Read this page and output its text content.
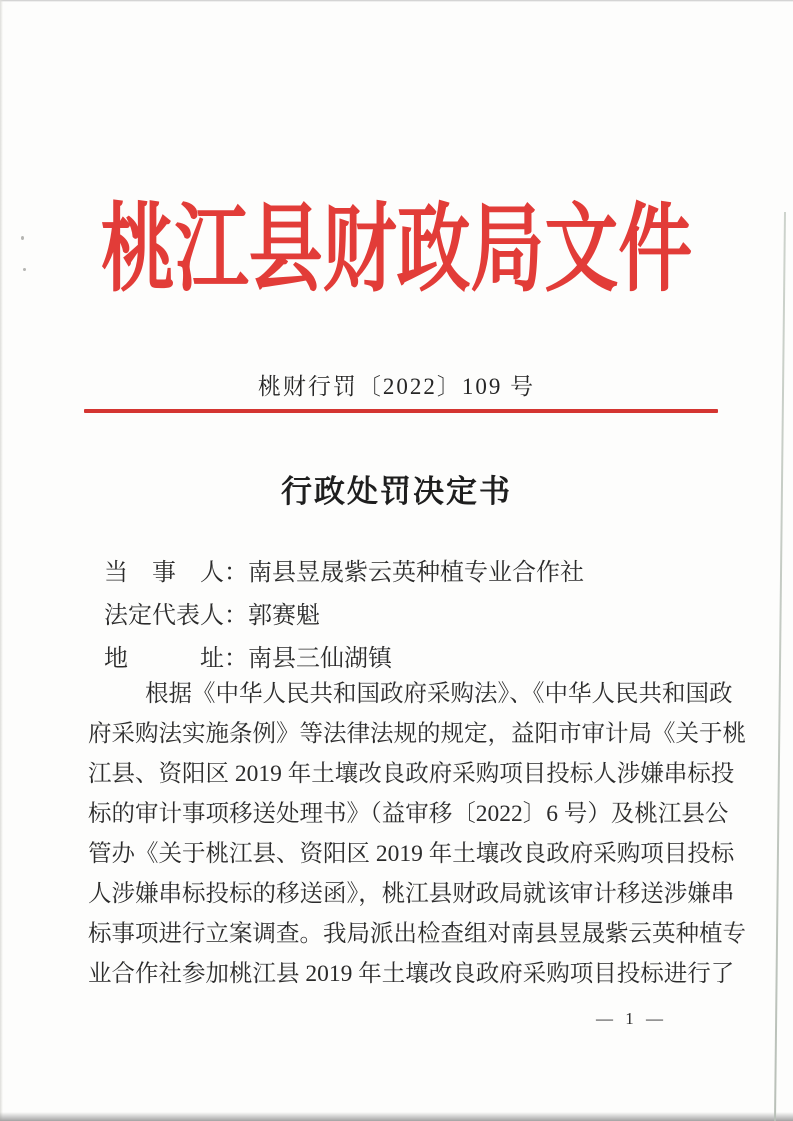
桃江县财政局文件
桃财行罚〔2022〕109 号
行政处罚决定书
当　事　人：南县昱晟紫云英种植专业合作社
法定代表人：郭赛魁
地　　　址：南县三仙湖镇
根据《中华人民共和国政府采购法》、《中华人民共和国政
府采购法实施条例》等法律法规的规定，益阳市审计局《关于桃
江县、资阳区 2019 年土壤改良政府采购项目投标人涉嫌串标投
标的审计事项移送处理书》（益审移〔2022〕6 号）及桃江县公
管办《关于桃江县、资阳区 2019 年土壤改良政府采购项目投标
人涉嫌串标投标的移送函》，桃江县财政局就该审计移送涉嫌串
标事项进行立案调查。我局派出检查组对南县昱晟紫云英种植专
业合作社参加桃江县 2019 年土壤改良政府采购项目投标进行了
— 1 —
